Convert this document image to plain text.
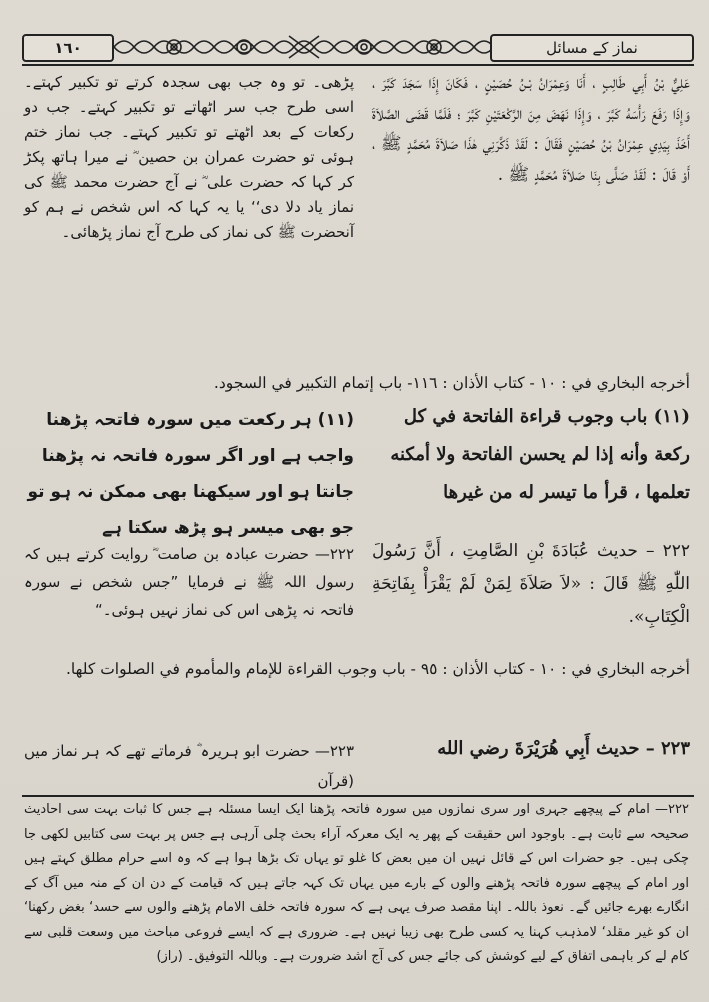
١٦٠	نماز کے مسائل
عَلِيٌّ بْنُ أَبِي طَالِبٍ ، أَنَا وَعِمْرَانُ بْـنُ حُصَيْنٍ ، فَكَانَ إِذَا سَجَدَ كَبَّرَ ، وَإِذَا رَفَعَ رَأْسَهُ كَبَّرَ ، وَإِذَا نَهَضَ مِنَ الرَّكْعَتَيْنِ كَبَّرَ ؛ فَلَمَّا قَضَى الصَّلاَةَ أَخَذَ بِيَدِي عِمْرَانُ بْنُ حُصَيْنٍ فَقَالَ : لَقَدْ ذَكَّرَنِي هٰذَا صَلاَةَ مُحَمَّدٍ ﷺ ، أَوْ قَالَ : لَقَدْ صَلَّى بِنَا صَلاَةَ مُحَمَّدٍ ﷺ .
پڑھی۔ تو وہ جب بھی سجدہ کرتے تو تکبیر کہتے۔ اسی طرح جب سر اٹھاتے تو تکبیر کہتے۔ جب دو رکعات کے بعد اٹھتے تو تکبیر کہتے۔ جب نماز ختم ہوئی تو حضرت عمران بن حصین ؓ نے میرا ہاتھ پکڑ کر کہا کہ حضرت علی ؓ نے آج حضرت محمد ﷺ کی نماز یاد دلا دی‘‘ یا یہ کہا کہ اس شخص نے ہم کو آنحضرت ﷺ کی نماز کی طرح آج نماز پڑھائی۔
أخرجه البخاري في : ١٠ - كتاب الأذان : ١١٦- باب إتمام التكبير في السجود.
(١١) باب وجوب قراءة الفاتحة في كل ركعة وأنه إذا لم يحسن الفاتحة ولا أمكنه تعلمها ، قرأ ما تيسر له من غيرها
(۱۱) ہر رکعت میں سورہ فاتحہ پڑھنا واجب ہے اور اگر سورہ فاتحہ نہ پڑھنا جانتا ہو اور سیکھنا بھی ممکن نہ ہو تو جو بھی میسر ہو پڑھ سکتا ہے
٢٢٢ – حديث عُبَادَةَ بْنِ الصَّامِتِ ، أَنَّ رَسُولَ اللّٰهِ ﷺ قَالَ : «لاَ صَلاَةَ لِمَنْ لَمْ يَقْرَأْ بِفَاتِحَةِ الْكِتَابِ».
۲۲۲— حضرت عبادہ بن صامت ؓ روایت کرتے ہیں کہ رسول اللہ ﷺ نے فرمایا ”جس شخص نے سورہ فاتحہ نہ پڑھی اس کی نماز نہیں ہوئی۔“
أخرجه البخاري في : ١٠ - كتاب الأذان : ٩٥ - باب وجوب القراءة للإمام والمأموم في الصلوات كلها.
٢٢٣ – حديث أَبِي هُرَيْرَةَ رضي الله
۲۲۳— حضرت ابو ہریرہ ؓ فرماتے تھے کہ ہر نماز میں (قرآن
۲۲۲— امام کے پیچھے جہری اور سری نمازوں میں سورہ فاتحہ پڑھنا ایک ایسا مسئلہ ہے جس کا ثبات بہت سی احادیث صحیحہ سے ثابت ہے۔ باوجود اس حقیقت کے پھر یہ ایک معرکہ آراء بحث چلی آرہی ہے جس پر بہت سی کتابیں لکھی جا چکی ہیں۔ جو حضرات اس کے قائل نہیں ان میں بعض کا غلو تو یہاں تک بڑھا ہوا ہے کہ وہ اسے حرام مطلق کہتے ہیں اور امام کے پیچھے سورہ فاتحہ پڑھنے والوں کے بارے میں یہاں تک کہہ جاتے ہیں کہ قیامت کے دن ان کے منہ میں آگ کے انگارے بھرے جائیں گے۔ نعوذ باللہ۔ اپنا مقصد صرف یہی ہے کہ سورہ فاتحہ خلف الامام پڑھنے والوں سے حسد‘ بغض رکھنا‘ ان کو غیر مقلد‘ لامذہب کہنا یہ کسی طرح بھی زیبا نہیں ہے۔ ضروری ہے کہ ایسے فروعی مباحث میں وسعت قلبی سے کام لے کر باہمی اتفاق کے لیے کوشش کی جائے جس کی آج اشد ضرورت ہے۔ وباللہ التوفیق۔ (راز)
